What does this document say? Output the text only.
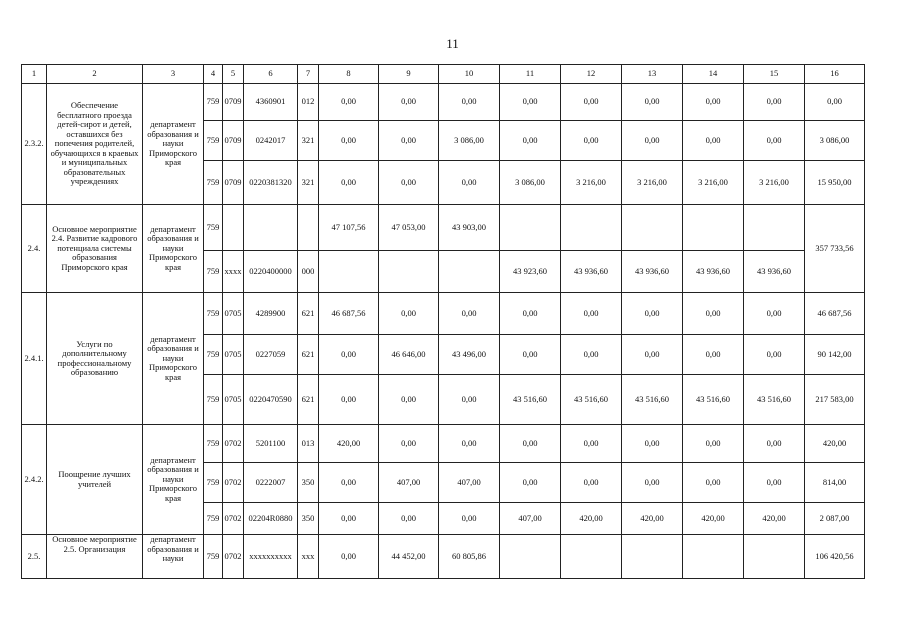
11
1	2	3	4	5	6	7	8	9	10	11	12	13	14	15	16
2.3.2.	Обеспечение бесплатного проезда детей-сирот и детей, оставшихся без попечения родителей, обучающихся в краевых и муниципальных образовательных учреждениях	департамент образования и науки Приморского края	759	0709	4360901	012	0,00	0,00	0,00	0,00	0,00	0,00	0,00	0,00	0,00
			759	0709	0242017	321	0,00	0,00	3 086,00	0,00	0,00	0,00	0,00	0,00	3 086,00
			759	0709	0220381320	321	0,00	0,00	0,00	3 086,00	3 216,00	3 216,00	3 216,00	3 216,00	15 950,00
2.4.	Основное мероприятие 2.4. Развитие кадрового потенциала системы образования Приморского края	департамент образования и науки Приморского края	759				47 107,56	47 053,00	43 903,00						357 733,56
			759	xxxx	0220400000	000				43 923,60	43 936,60	43 936,60	43 936,60	43 936,60	
2.4.1.	Услуги по дополнительному профессиональному образованию	департамент образования и науки Приморского края	759	0705	4289900	621	46 687,56	0,00	0,00	0,00	0,00	0,00	0,00	0,00	46 687,56
			759	0705	0227059	621	0,00	46 646,00	43 496,00	0,00	0,00	0,00	0,00	0,00	90 142,00
			759	0705	0220470590	621	0,00	0,00	0,00	43 516,60	43 516,60	43 516,60	43 516,60	43 516,60	217 583,00
2.4.2.	Поощрение лучших учителей	департамент образования и науки Приморского края	759	0702	5201100	013	420,00	0,00	0,00	0,00	0,00	0,00	0,00	0,00	420,00
			759	0702	0222007	350	0,00	407,00	407,00	0,00	0,00	0,00	0,00	0,00	814,00
			759	0702	02204R0880	350	0,00	0,00	0,00	407,00	420,00	420,00	420,00	420,00	2 087,00
2.5.	Основное мероприятие 2.5. Организация	департамент образования и науки	759	0702	xxxxxxxxxx	xxx	0,00	44 452,00	60 805,86						106 420,56
